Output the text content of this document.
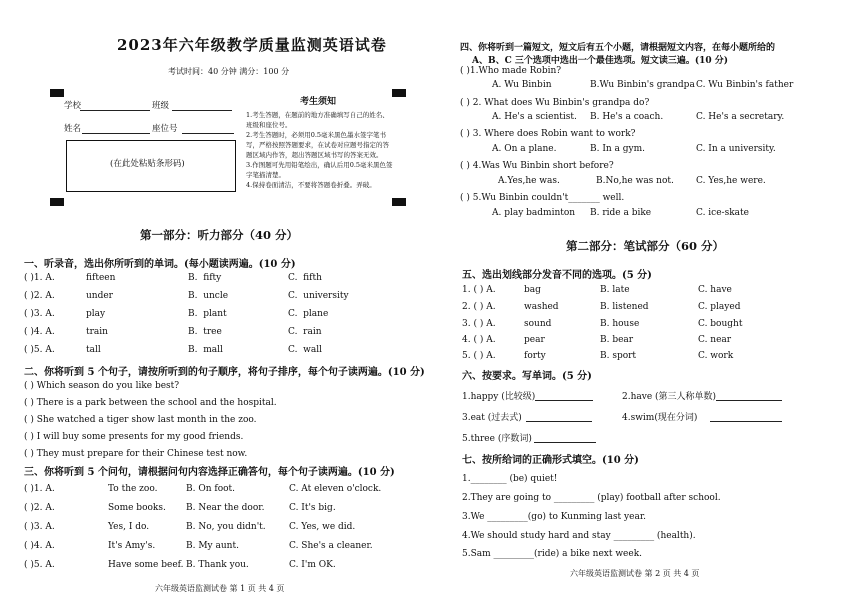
2023年六年级教学质量监测英语试卷
考试时间：40 分钟 满分：100 分
学校	班级
姓名	座位号
(在此处粘贴条形码)
考生须知
1.考生答题，在题前的地方准确填写自己的姓名、班级和座位号。
2.考生答题时，必须用0.5毫米黑色墨水签字笔书写，严格按照答题要求，在试卷对应题号指定的答题区域内作答，超出答题区域书写的答案无效。
3.作图题可先用铅笔绘出，确认后用0.5毫米黑色签字笔描清楚。
4.保持卷面清洁，不要将答题卷折叠。弄破。
第一部分：听力部分（40 分）
一、听录音，选出你所听到的单词。(每小题读两遍。(10 分)
( )1. A.	fifteen	B.  fifty	C.  fifth
( )2. A.	under	B.  uncle	C.  university
( )3. A.	play	B.  plant	C.  plane
( )4. A.	train	B.  tree	C.  rain
( )5. A.	tall	B.  mall	C.  wall
二、你将听到 5 个句子，请按所听到的句子顺序，将句子排序，每个句子读两遍。(10 分)
( ) Which season do you like best?
( ) There is a park between the school and the hospital.
( ) She watched a tiger show last month in the zoo.
( ) I will buy some presents for my good friends.
( ) They must prepare for their Chinese test now.
三、你将听到 5 个问句，请根据问句内容选择正确答句，每个句子读两遍。(10 分)
( )1. A.	To the zoo.	B. On foot.	C. At eleven o'clock.
( )2. A.	Some books. B. Near the door.	C. It's big.
( )3. A.	Yes, I do.	B. No, you didn't.	C. Yes, we did.
( )4. A.	It's Amy's.	B. My aunt.	C. She's a cleaner.
( )5. A.	Have some beef. B. Thank you.	C. I'm OK.
六年级英语监测试卷 第 1 页 共 4 页
四、你将听到一篇短文，短文后有五个小题，请根据短文内容，在每小题所给的
A、B、C 三个选项中选出一个最佳选项。短文读三遍。(10 分)
( )1.Who made Robin?
A. Wu Binbin	B.Wu Binbin's grandpa C. Wu Binbin's father
( ) 2. What does Wu Binbin's grandpa do?
A. He's a scientist. B. He's a coach.	C. He's a secretary.
( ) 3. Where does Robin want to work?
A. On a plane.	B. In a gym.	C. In a university.
( ) 4.Was Wu Binbin short before?
A.Yes,he was.	B.No,he was not. C. Yes,he were.
( ) 5.Wu Binbin couldn't_______ well.
A. play badminton B. ride a bike	C. ice-skate
第二部分：笔试部分（60 分）
五、选出划线部分发音不同的选项。(5 分)
1. ( ) A.	bag	B. late	C. have
2. ( ) A.	washed	B. listened	C. played
3. ( ) A.	sound	B. house	C. bought
4. ( ) A.	pear	B. bear	C. near
5. ( ) A.	forty	B. sport	C. work
六、按要求。写单词。(5 分)
1.happy (比较级)	2.have (第三人称单数)
3.eat (过去式)	4.swim(现在分词)
5.three (序数词)
七、按所给词的正确形式填空。(10 分)
1.________ (be) quiet!
2.They are going to _________ (play) football after school.
3.We _________(go) to Kunming last year.
4.We should study hard and stay _________ (health).
5.Sam _________(ride) a bike next week.
六年级英语监测试卷 第 2 页 共 4 页
